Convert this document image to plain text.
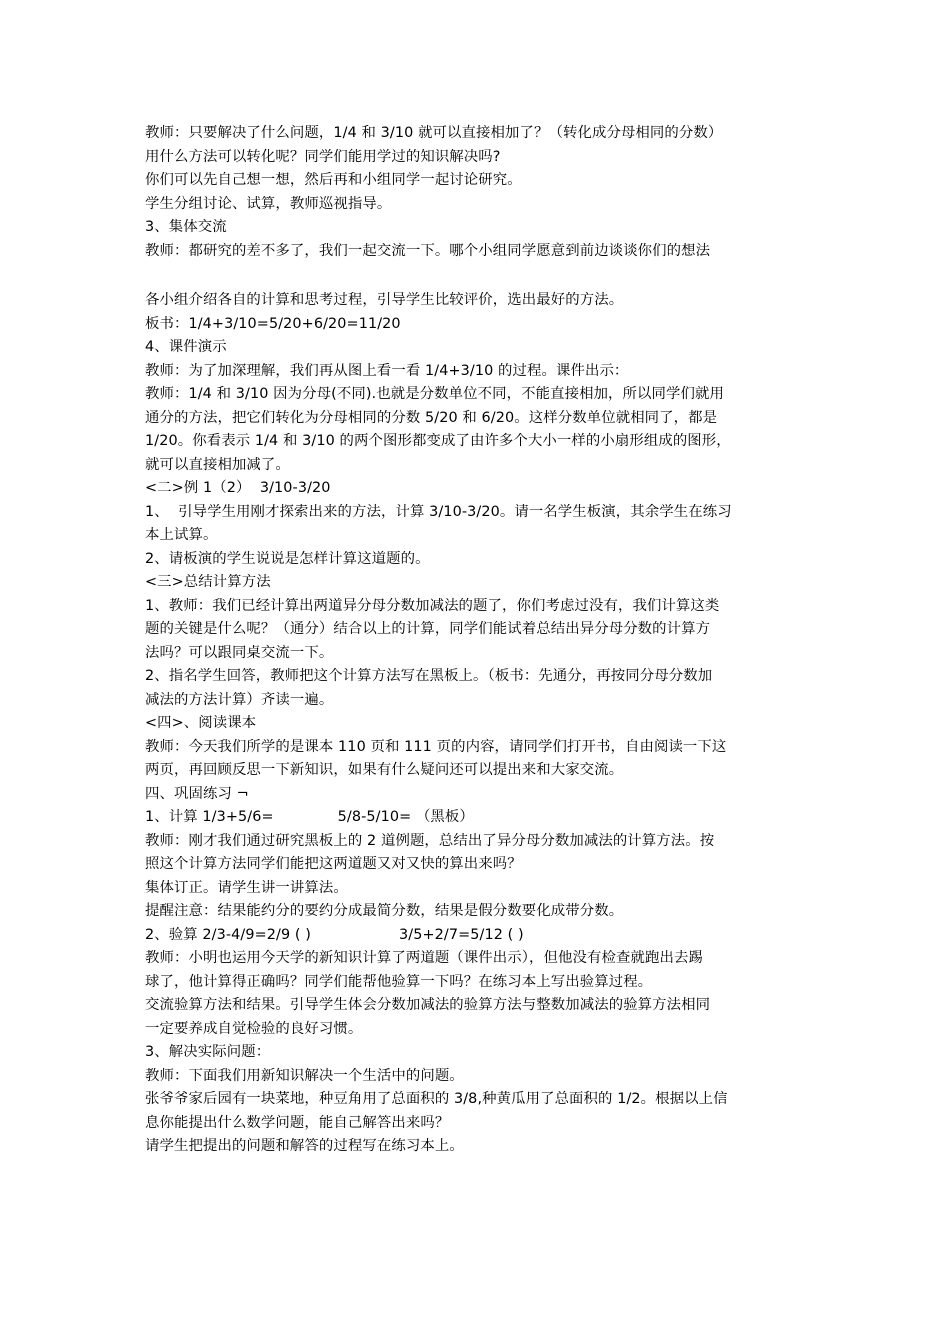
教师：只要解决了什么问题，1/4 和 3/10 就可以直接相加了？（转化成分母相同的分数）
用什么方法可以转化呢？同学们能用学过的知识解决吗?
你们可以先自己想一想，然后再和小组同学一起讨论研究。
学生分组讨论、试算，教师巡视指导。
3、集体交流
教师：都研究的差不多了，我们一起交流一下。哪个小组同学愿意到前边谈谈你们的想法
各小组介绍各自的计算和思考过程，引导学生比较评价，选出最好的方法。
板书：1/4+3/10=5/20+6/20=11/20
4、课件演示
教师：为了加深理解，我们再从图上看一看 1/4+3/10 的过程。课件出示：
教师：1/4 和 3/10 因为分母(不同).也就是分数单位不同，不能直接相加，所以同学们就用
通分的方法，把它们转化为分母相同的分数 5/20 和 6/20。这样分数单位就相同了，都是
1/20。你看表示 1/4 和 3/10 的两个图形都变成了由许多个大小一样的小扇形组成的图形，
就可以直接相加减了。
<二>例 1（2）  3/10-3/20
1、  引导学生用刚才探索出来的方法，计算 3/10-3/20。请一名学生板演，其余学生在练习
本上试算。
2、请板演的学生说说是怎样计算这道题的。
<三>总结计算方法
1、教师：我们已经计算出两道异分母分数加减法的题了，你们考虑过没有，我们计算这类
题的关键是什么呢？（通分）结合以上的计算，同学们能试着总结出异分母分数的计算方
法吗？可以跟同桌交流一下。
2、指名学生回答，教师把这个计算方法写在黑板上。（板书：先通分，再按同分母分数加
减法的方法计算）齐读一遍。
<四>、阅读课本
教师：今天我们所学的是课本 110 页和 111 页的内容，请同学们打开书，自由阅读一下这
两页，再回顾反思一下新知识，如果有什么疑问还可以提出来和大家交流。
四、巩固练习 ¬
1、计算 1/3+5/6=	5/8-5/10= （黑板）
教师：刚才我们通过研究黑板上的 2 道例题，总结出了异分母分数加减法的计算方法。按
照这个计算方法同学们能把这两道题又对又快的算出来吗？
集体订正。请学生讲一讲算法。
提醒注意：结果能约分的要约分成最简分数，结果是假分数要化成带分数。
2、验算 2/3-4/9=2/9 ( )	3/5+2/7=5/12 ( )
教师：小明也运用今天学的新知识计算了两道题（课件出示），但他没有检查就跑出去踢
球了，他计算得正确吗？同学们能帮他验算一下吗？在练习本上写出验算过程。
交流验算方法和结果。引导学生体会分数加减法的验算方法与整数加减法的验算方法相同
一定要养成自觉检验的良好习惯。
3、解决实际问题：
教师：下面我们用新知识解决一个生活中的问题。
张爷爷家后园有一块菜地，种豆角用了总面积的 3/8,种黄瓜用了总面积的 1/2。根据以上信
息你能提出什么数学问题，能自己解答出来吗？
请学生把提出的问题和解答的过程写在练习本上。
